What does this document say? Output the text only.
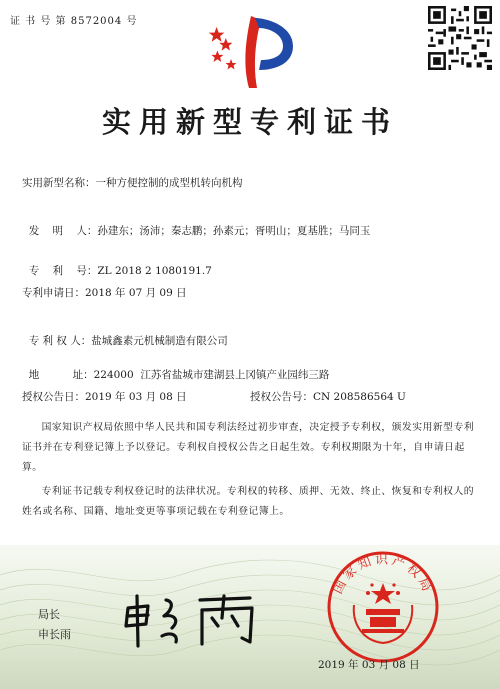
证 书 号 第 8572004 号
实用新型专利证书
实用新型名称：一种方便控制的成型机转向机构

发    明    人：孙建东；汤沛；秦志鹏；孙素元；胥明山；夏基胜；马同玉

专    利    号：ZL 2018 2 1080191.7

专利申请日：2018 年 07 月 09 日

专 利 权 人：盐城鑫素元机械制造有限公司

地          址：224000  江苏省盐城市建湖县上冈镇产业园纬三路

授权公告日：2019 年 03 月 08 日	授权公告号：CN 208586564 U
国家知识产权局依照中华人民共和国专利法经过初步审查，决定授予专利权，颁发实用新型专利证书并在专利登记簿上予以登记。专利权自授权公告之日起生效。专利权期限为十年，自申请日起算。
专利证书记载专利权登记时的法律状况。专利权的转移、质押、无效、终止、恢复和专利权人的姓名或名称、国籍、地址变更等事项记载在专利登记簿上。
局长
申长雨
国家知识产权局
2019 年 03 月 08 日
